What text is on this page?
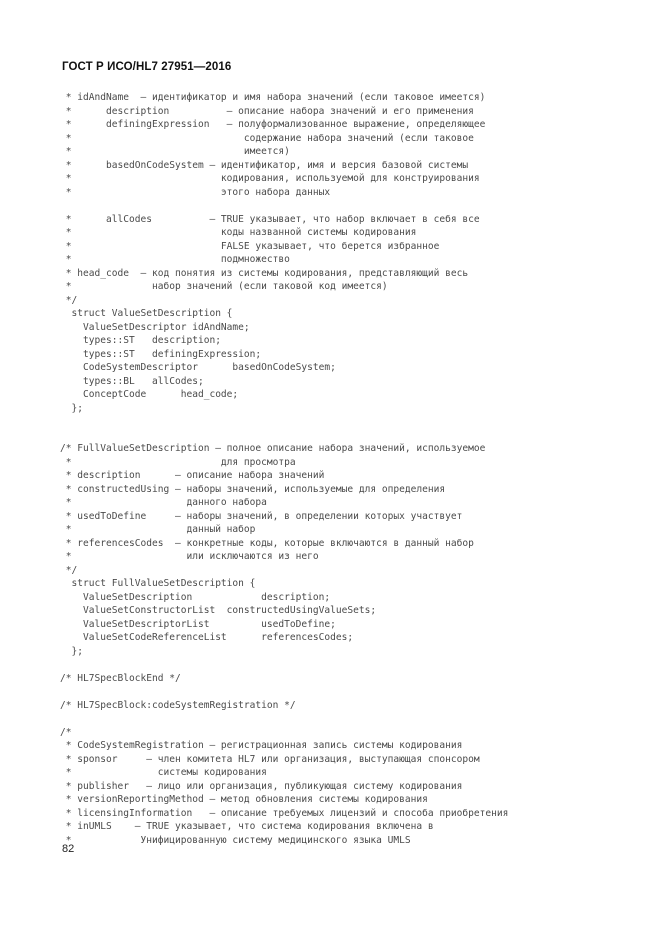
ГОСТ Р ИСО/HL7 27951—2016
* idAndName  — идентификатор и имя набора значений (если таковое имеется)
*      description          — описание набора значений и его применения
*      definingExpression   — полуформализованное выражение, определяющее
*                              содержание набора значений (если таковое
*                              имеется)
*      basedOnCodeSystem — идентификатор, имя и версия базовой системы
*                          кодирования, используемой для конструирования
*                          этого набора данных
*      allCodes          — TRUE указывает, что набор включает в себя все
*                          коды названной системы кодирования
*                          FALSE указывает, что берется избранное
*                          подмножество
* head_code  — код понятия из системы кодирования, представляющий весь
*              набор значений (если таковой код имеется)
*/
struct ValueSetDescription {
ValueSetDescriptor idAndName;
types::ST   description;
types::ST   definingExpression;
CodeSystemDescriptor      basedOnCodeSystem;
types::BL   allCodes;
ConceptCode      head_code;
};
/* FullValueSetDescription — полное описание набора значений, используемое
*                          для просмотра
* description      — описание набора значений
* constructedUsing — наборы значений, используемые для определения
*                    данного набора
* usedToDefine     — наборы значений, в определении которых участвует
*                    данный набор
* referencesCodes  — конкретные коды, которые включаются в данный набор
*                    или исключаются из него
*/
struct FullValueSetDescription {
ValueSetDescription            description;
ValueSetConstructorList  constructedUsingValueSets;
ValueSetDescriptorList         usedToDefine;
ValueSetCodeReferenceList      referencesCodes;
};
/* HL7SpecBlockEnd */
/* HL7SpecBlock:codeSystemRegistration */
/*
* CodeSystemRegistration — регистрационная запись системы кодирования
* sponsor     — член комитета HL7 или организация, выступающая спонсором
*               системы кодирования
* publisher   — лицо или организация, публикующая систему кодирования
* versionReportingMethod — метод обновления системы кодирования
* licensingInformation   — описание требуемых лицензий и способа приобретения
* inUMLS    — TRUE указывает, что система кодирования включена в
*            Унифицированную систему медицинского языка UMLS
82
